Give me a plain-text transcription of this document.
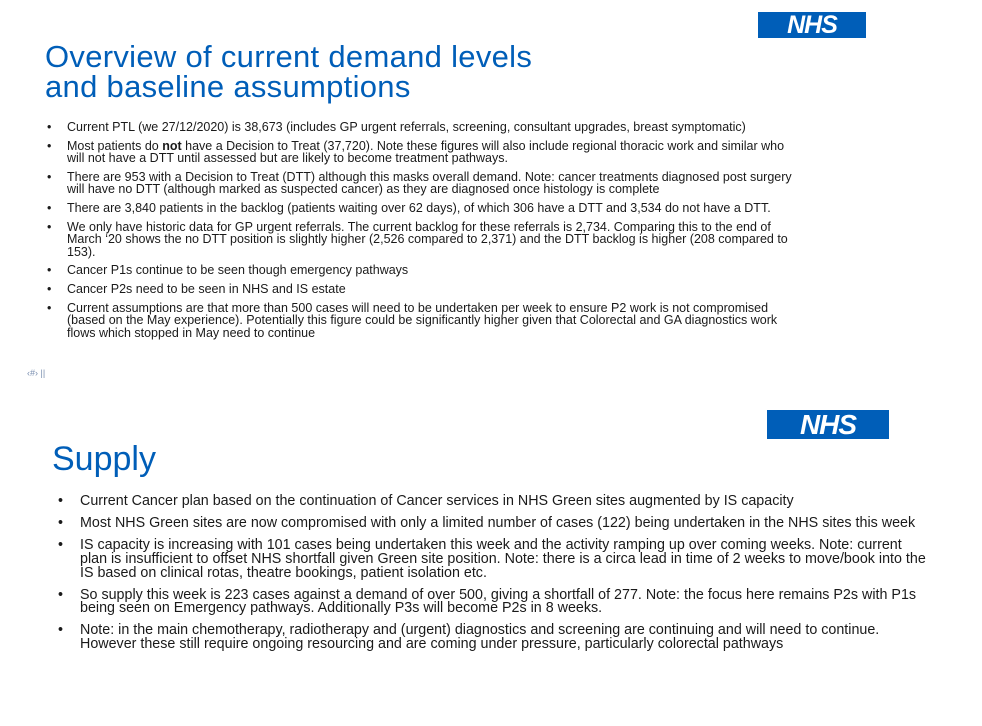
NHS
Overview of current demand levels
and baseline assumptions
• Current PTL (we 27/12/2020) is 38,673 (includes GP urgent referrals, screening, consultant upgrades, breast symptomatic)
• Most patients do not have a Decision to Treat (37,720). Note these figures will also include regional thoracic work and similar who will not have a DTT until assessed but are likely to become treatment pathways.
• There are 953 with a Decision to Treat (DTT) although this masks overall demand. Note: cancer treatments diagnosed post surgery will have no DTT (although marked as suspected cancer) as they are diagnosed once histology is complete
• There are 3,840 patients in the backlog (patients waiting over 62 days), of which 306 have a DTT and 3,534 do not have a DTT.
• We only have historic data for GP urgent referrals. The current backlog for these referrals is 2,734. Comparing this to the end of March ‘20 shows the no DTT position is slightly higher (2,526 compared to 2,371) and the DTT backlog is higher (208 compared to 153).
• Cancer P1s continue to be seen though emergency pathways
• Cancer P2s need to be seen in NHS and IS estate
• Current assumptions are that more than 500 cases will need to be undertaken per week to ensure P2 work is not compromised (based on the May experience). Potentially this figure could be significantly higher given that Colorectal and GA diagnostics work flows which stopped in May need to continue
‹#› ||
NHS
Supply
• Current Cancer plan based on the continuation of Cancer services in NHS Green sites augmented by IS capacity
• Most NHS Green sites are now compromised with only a limited number of cases (122) being undertaken in the NHS sites this week
• IS capacity is increasing with 101 cases being undertaken this week and the activity ramping up over coming weeks. Note: current plan is insufficient to offset NHS shortfall given Green site position. Note: there is a circa lead in time of 2 weeks to move/book into the IS based on clinical rotas, theatre bookings, patient isolation etc.
• So supply this week is 223 cases against a demand of over 500, giving a shortfall of 277. Note: the focus here remains P2s with P1s being seen on Emergency pathways. Additionally P3s will become P2s in 8 weeks.
• Note: in the main chemotherapy, radiotherapy and (urgent) diagnostics and screening are continuing and will need to continue. However these still require ongoing resourcing and are coming under pressure, particularly colorectal pathways
